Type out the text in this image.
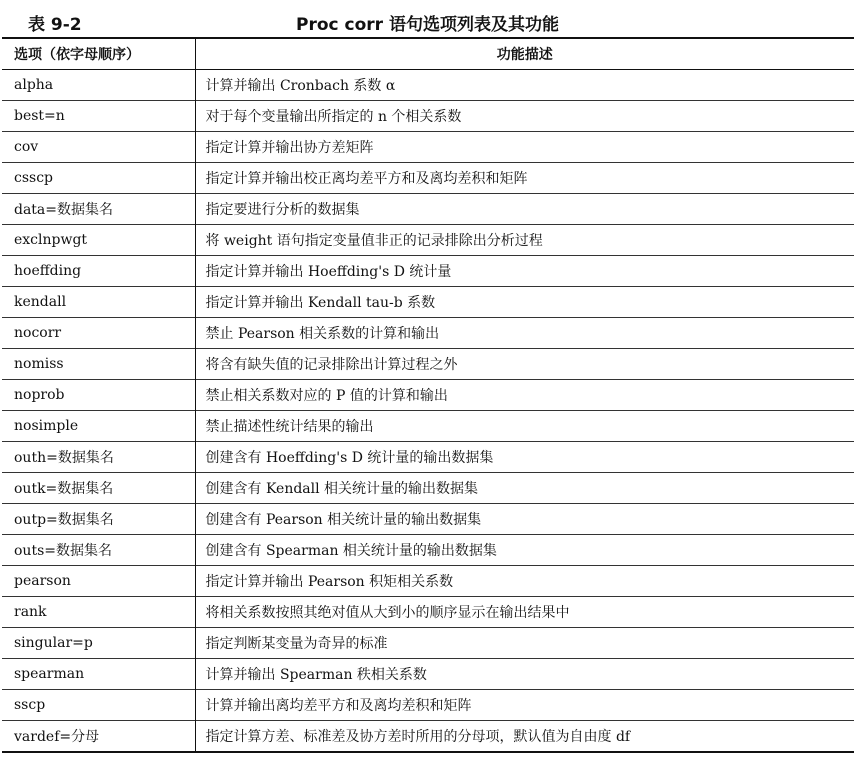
表 9-2	Proc corr 语句选项列表及其功能
选项（依字母顺序）	功能描述
alpha	计算并输出 Cronbach 系数 α
best=n	对于每个变量输出所指定的 n 个相关系数
cov	指定计算并输出协方差矩阵
csscp	指定计算并输出校正离均差平方和及离均差积和矩阵
data=数据集名	指定要进行分析的数据集
exclnpwgt	将 weight 语句指定变量值非正的记录排除出分析过程
hoeffding	指定计算并输出 Hoeffding's D 统计量
kendall	指定计算并输出 Kendall tau-b 系数
nocorr	禁止 Pearson 相关系数的计算和输出
nomiss	将含有缺失值的记录排除出计算过程之外
noprob	禁止相关系数对应的 P 值的计算和输出
nosimple	禁止描述性统计结果的输出
outh=数据集名	创建含有 Hoeffding's D 统计量的输出数据集
outk=数据集名	创建含有 Kendall 相关统计量的输出数据集
outp=数据集名	创建含有 Pearson 相关统计量的输出数据集
outs=数据集名	创建含有 Spearman 相关统计量的输出数据集
pearson	指定计算并输出 Pearson 积矩相关系数
rank	将相关系数按照其绝对值从大到小的顺序显示在输出结果中
singular=p	指定判断某变量为奇异的标准
spearman	计算并输出 Spearman 秩相关系数
sscp	计算并输出离均差平方和及离均差积和矩阵
vardef=分母	指定计算方差、标准差及协方差时所用的分母项，默认值为自由度 df
